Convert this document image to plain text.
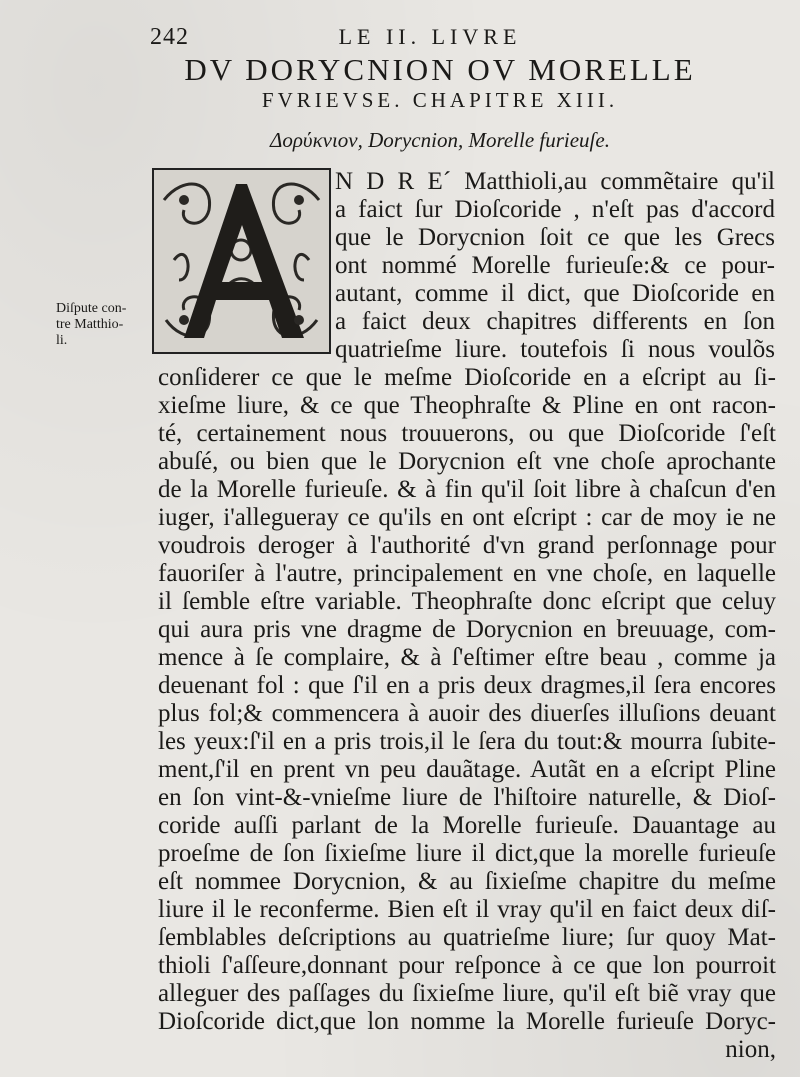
242	LE II. LIVRE
DV DORYCNION OV MORELLE
FVRIEVSE. CHAPITRE XIII.
Δορύκνιον, Dorycnion, Morelle furieuſe.
Diſpute con-
tre Matthio-
li.
N D R E´ Matthioli,au commẽtaire qu'il
a faict ſur Dioſcoride , n'eſt pas d'accord
que le Dorycnion ſoit ce que les Grecs
ont nommé Morelle furieuſe:& ce pour-
autant, comme il dict, que Dioſcoride en
a faict deux chapitres differents en ſon
quatrieſme liure. toutefois ſi nous voulõs
conſiderer ce que le meſme Dioſcoride en a eſcript au ſi-
xieſme liure, & ce que Theophraſte & Pline en ont racon-
té, certainement nous trouuerons, ou que Dioſcoride ſ'eſt
abuſé, ou bien que le Dorycnion eſt vne choſe aprochante
de la Morelle furieuſe. & à fin qu'il ſoit libre à chaſcun d'en
iuger, i'allegueray ce qu'ils en ont eſcript : car de moy ie ne
voudrois deroger à l'authorité d'vn grand perſonnage pour
fauoriſer à l'autre, principalement en vne choſe, en laquelle
il ſemble eſtre variable. Theophraſte donc eſcript que celuy
qui aura pris vne dragme de Dorycnion en breuuage, com-
mence à ſe complaire, & à ſ'eſtimer eſtre beau , comme ja
deuenant fol : que ſ'il en a pris deux dragmes,il ſera encores
plus fol;& commencera à auoir des diuerſes illuſions deuant
les yeux:ſ'il en a pris trois,il le ſera du tout:& mourra ſubite-
ment,ſ'il en prent vn peu dauãtage. Autãt en a eſcript Pline
en ſon vint-&-vnieſme liure de l'hiſtoire naturelle, & Dioſ-
coride auſſi parlant de la Morelle furieuſe. Dauantage au
proeſme de ſon ſixieſme liure il dict,que la morelle furieuſe
eſt nommee Dorycnion, & au ſixieſme chapitre du meſme
liure il le reconferme. Bien eſt il vray qu'il en faict deux diſ-
ſemblables deſcriptions au quatrieſme liure; ſur quoy Mat-
thioli ſ'aſſeure,donnant pour reſponce à ce que lon pourroit
alleguer des paſſages du ſixieſme liure, qu'il eſt biẽ vray que
Dioſcoride dict,que lon nomme la Morelle furieuſe Doryc-
nion,
